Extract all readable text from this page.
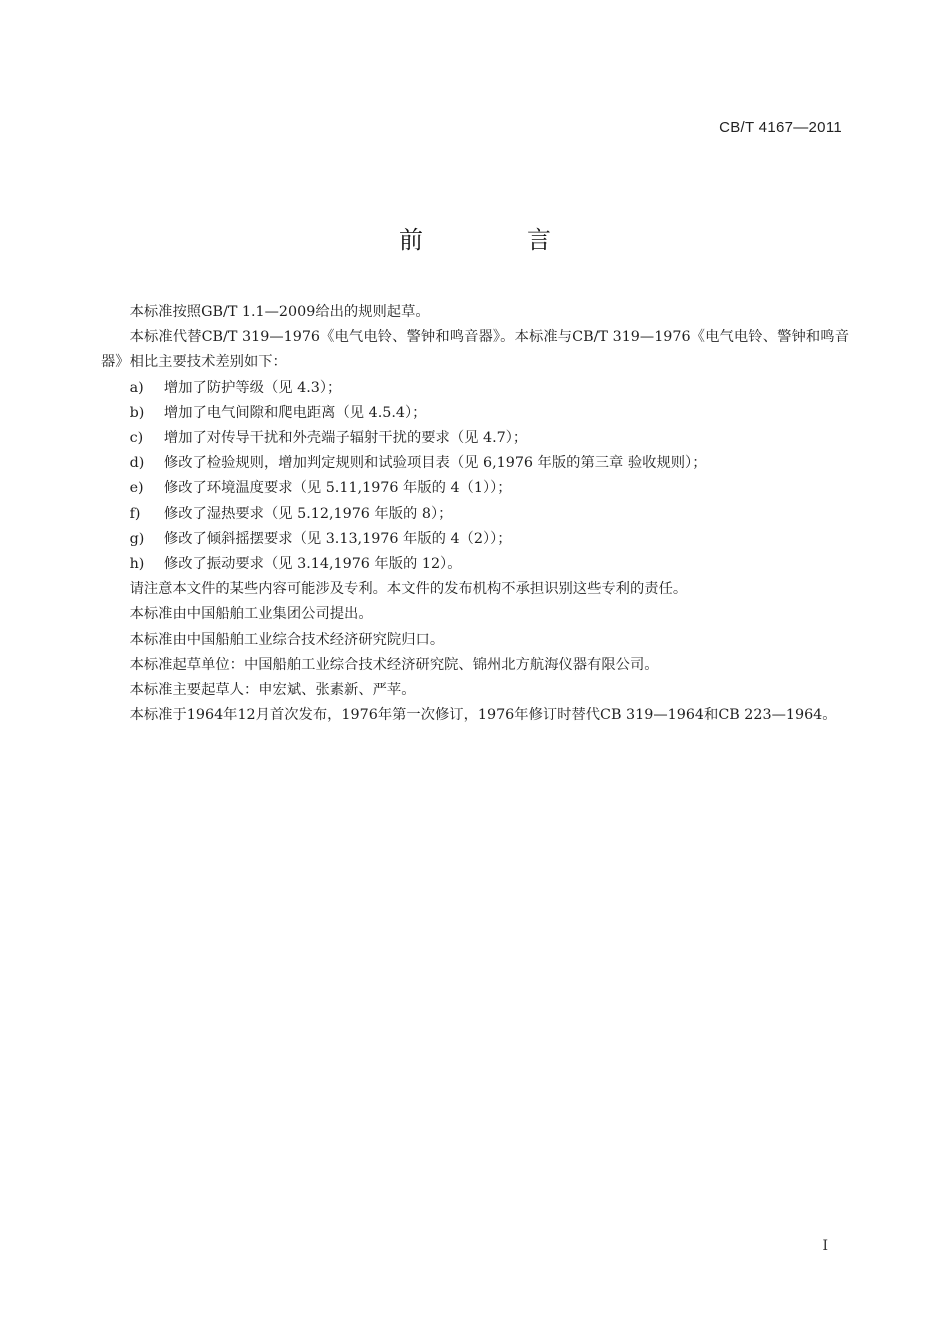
CB/T 4167—2011
前　言

本标准按照GB/T 1.1—2009给出的规则起草。

本标准代替CB/T 319—1976《电气电铃、警钟和鸣音器》。本标准与CB/T 319—1976《电气电铃、警钟和鸣音器》相比主要技术差别如下：

a)	增加了防护等级（见 4.3）；
b)	增加了电气间隙和爬电距离（见 4.5.4）；
c)	增加了对传导干扰和外壳端子辐射干扰的要求（见 4.7）；
d)	修改了检验规则，增加判定规则和试验项目表（见 6,1976 年版的第三章 验收规则）；
e)	修改了环境温度要求（见 5.11,1976 年版的 4（1））；
f)	修改了湿热要求（见 5.12,1976 年版的 8）；
g)	修改了倾斜摇摆要求（见 3.13,1976 年版的 4（2））；
h)	修改了振动要求（见 3.14,1976 年版的 12）。

请注意本文件的某些内容可能涉及专利。本文件的发布机构不承担识别这些专利的责任。

本标准由中国船舶工业集团公司提出。

本标准由中国船舶工业综合技术经济研究院归口。

本标准起草单位：中国船舶工业综合技术经济研究院、锦州北方航海仪器有限公司。

本标准主要起草人：申宏斌、张素新、严苹。

本标准于1964年12月首次发布，1976年第一次修订，1976年修订时替代CB 319—1964和CB 223—1964。

I
